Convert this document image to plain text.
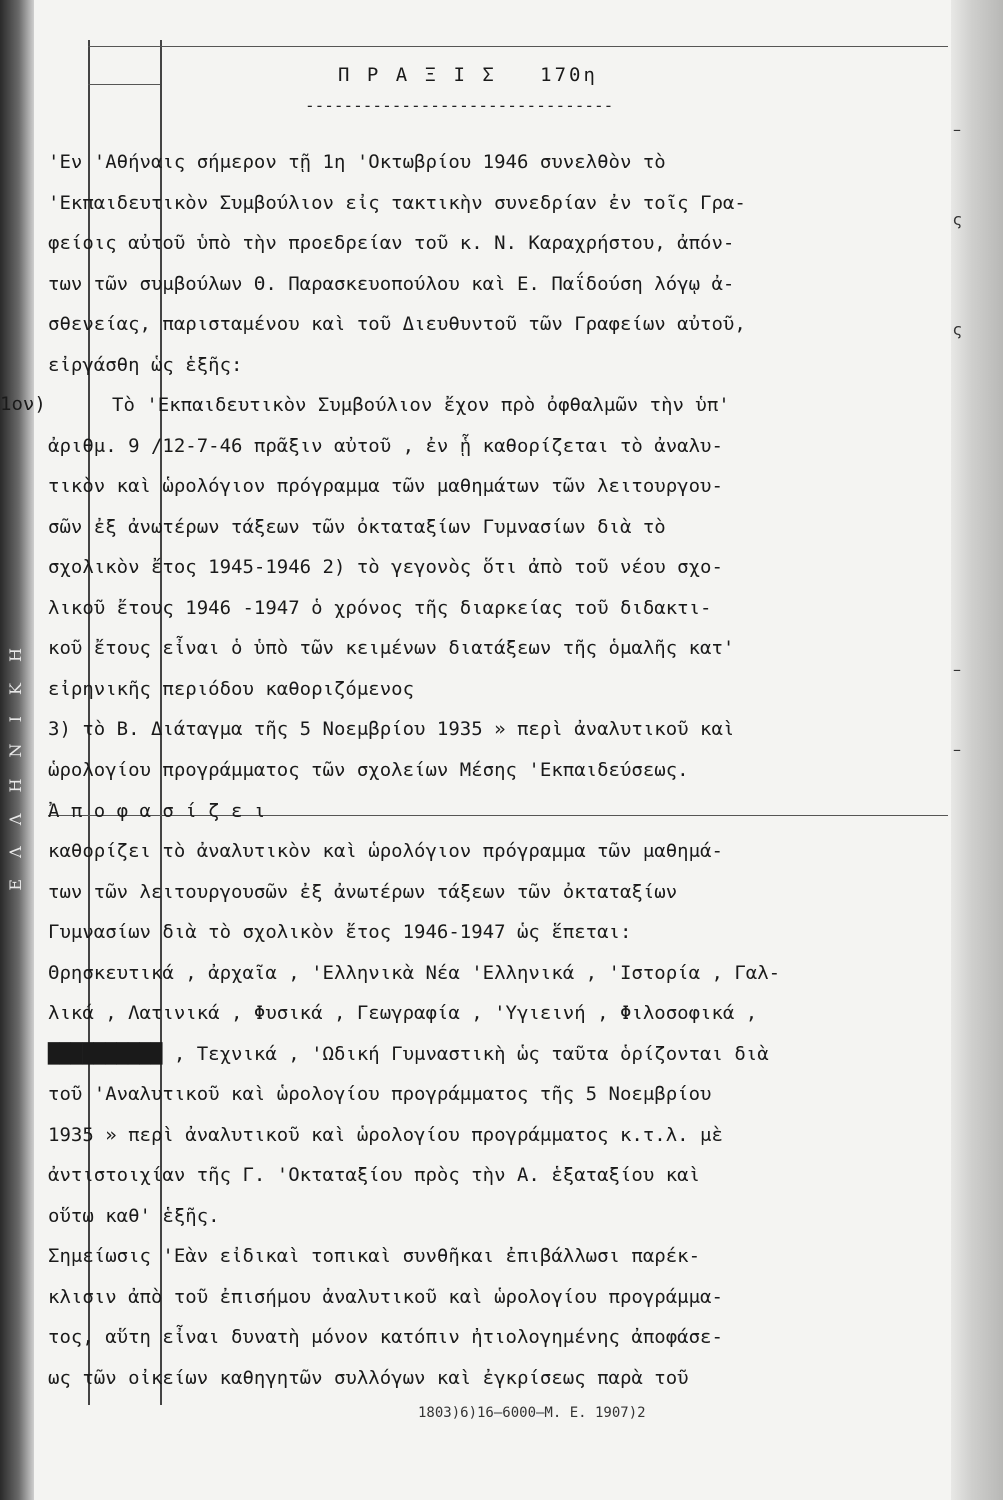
Ε Λ Λ Η Ν Ι Κ Η
–
ς
ς
–
–
Π Ρ Α Ξ Ι Σ   170η
--------------------------------
1ον)
'Εν 'Αθήναις σήμερον τῇ 1η 'Οκτωβρίου 1946 συνελθὸν τὸ
'Εκπαιδευτικὸν Συμβούλιον εἰς τακτικὴν συνεδρίαν ἐν τοῖς Γρα-
φείοις αὐτοῦ ὑπὸ τὴν προεδρείαν τοῦ κ. Ν. Καραχρήστου, ἀπόν-
των τῶν συμβούλων Θ. Παρασκευοπούλου καὶ Ε. Παΐδούση λόγῳ ἀ-
σθενείας, παρισταμένου καὶ τοῦ Διευθυντοῦ τῶν Γραφείων αὐτοῦ,
εἰργάσθη ὡς ἑξῆς:
Τὸ 'Εκπαιδευτικὸν Συμβούλιον ἔχον πρὸ ὀφθαλμῶν τὴν ὑπ'
ἀριθμ. 9 /12-7-46 πρᾶξιν αὐτοῦ , ἐν ᾗ καθορίζεται τὸ ἀναλυ-
τικὸν καὶ ὡρολόγιον πρόγραμμα τῶν μαθημάτων τῶν λειτουργου-
σῶν ἐξ ἀνωτέρων τάξεων τῶν ὀκταταξίων Γυμνασίων διὰ τὸ
σχολικὸν ἔτος 1945-1946 2) τὸ γεγονὸς ὅτι ἀπὸ τοῦ νέου σχο-
λικοῦ ἔτους 1946 -1947 ὁ χρόνος τῆς διαρκείας τοῦ διδακτι-
κοῦ ἔτους εἶναι ὁ ὑπὸ τῶν κειμένων διατάξεων τῆς ὁμαλῆς κατ'
εἰρηνικῆς περιόδου καθοριζόμενος
3) τὸ Β. Διάταγμα τῆς 5 Νοεμβρίου 1935 » περὶ ἀναλυτικοῦ καὶ
ὡρολογίου προγράμματος τῶν σχολείων Μέσης 'Εκπαιδεύσεως.
Ἀ π ο φ α σ ί ζ ε ι
καθορίζει τὸ ἀναλυτικὸν καὶ ὡρολόγιον πρόγραμμα τῶν μαθημά-
των τῶν λειτουργουσῶν ἐξ ἀνωτέρων τάξεων τῶν ὀκταταξίων
Γυμνασίων διὰ τὸ σχολικὸν ἔτος 1946-1947 ὡς ἕπεται:
Θρησκευτικά , ἀρχαῖα , 'Ελληνικὰ Νέα 'Ελληνικά , 'Ιστορία , Γαλ-
λικά , Λατινικά , Φυσικά , Γεωγραφία , 'Υγιεινή , Φιλοσοφικά ,
██████████ , Τεχνικά , 'Ωδική Γυμναστικὴ ὡς ταῦτα ὁρίζονται διὰ
τοῦ 'Αναλυτικοῦ καὶ ὡρολογίου προγράμματος τῆς 5 Νοεμβρίου
1935 » περὶ ἀναλυτικοῦ καὶ ὡρολογίου προγράμματος κ.τ.λ. μὲ
ἀντιστοιχίαν τῆς Γ. 'Οκταταξίου πρὸς τὴν Α. ἑξαταξίου καὶ
οὕτω καθ' ἑξῆς.
Σημείωσις 'Εὰν εἰδικαὶ τοπικαὶ συνθῆκαι ἐπιβάλλωσι παρέκ-
κλισιν ἀπὸ τοῦ ἐπισήμου ἀναλυτικοῦ καὶ ὡρολογίου προγράμμα-
τος, αὕτη εἶναι δυνατὴ μόνον κατόπιν ἠτιολογημένης ἀποφάσε-
ως τῶν οἰκείων καθηγητῶν συλλόγων καὶ ἐγκρίσεως παρὰ τοῦ
1803)6)16—6000—Μ. Ε. 1907)2
